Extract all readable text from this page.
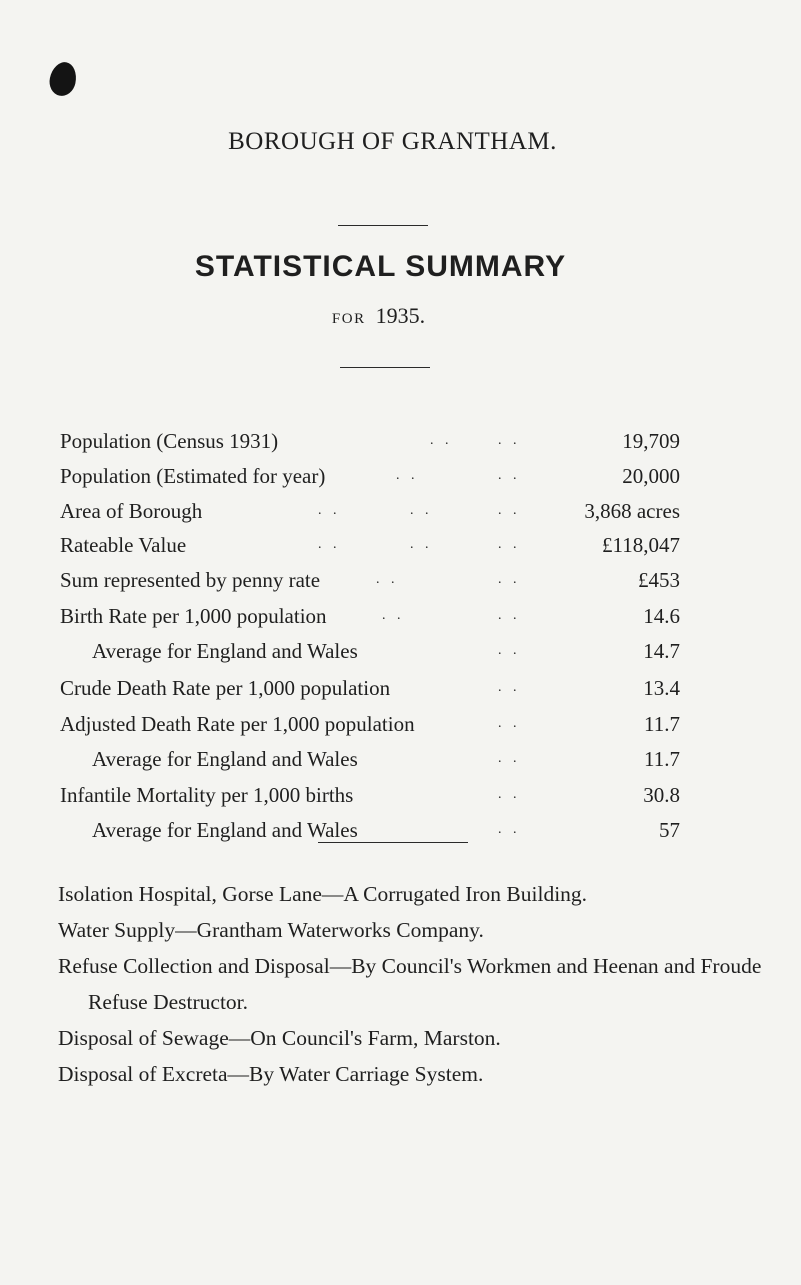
BOROUGH OF GRANTHAM.
STATISTICAL SUMMARY
FOR 1935.
Population (Census 1931)	. .	. .	19,709
Population (Estimated for year)	. .	. .	20,000
Area of Borough	. .	. .	. .	3,868 acres
Rateable Value	. .	. .	. .	£118,047
Sum represented by penny rate	. .	. .	£453
Birth Rate per 1,000 population	. .	. .	14.6
Average for England and Wales	. .	14.7
Crude Death Rate per 1,000 population	. .	13.4
Adjusted Death Rate per 1,000 population	. .	11.7
Average for England and Wales	. .	11.7
Infantile Mortality per 1,000 births	. .	30.8
Average for England and Wales	. .	57
Isolation Hospital, Gorse Lane—A Corrugated Iron Building.
Water Supply—Grantham Waterworks Company.
Refuse Collection and Disposal—By Council's Workmen and Heenan and Froude Refuse Destructor.
Disposal of Sewage—On Council's Farm, Marston.
Disposal of Excreta—By Water Carriage System.
